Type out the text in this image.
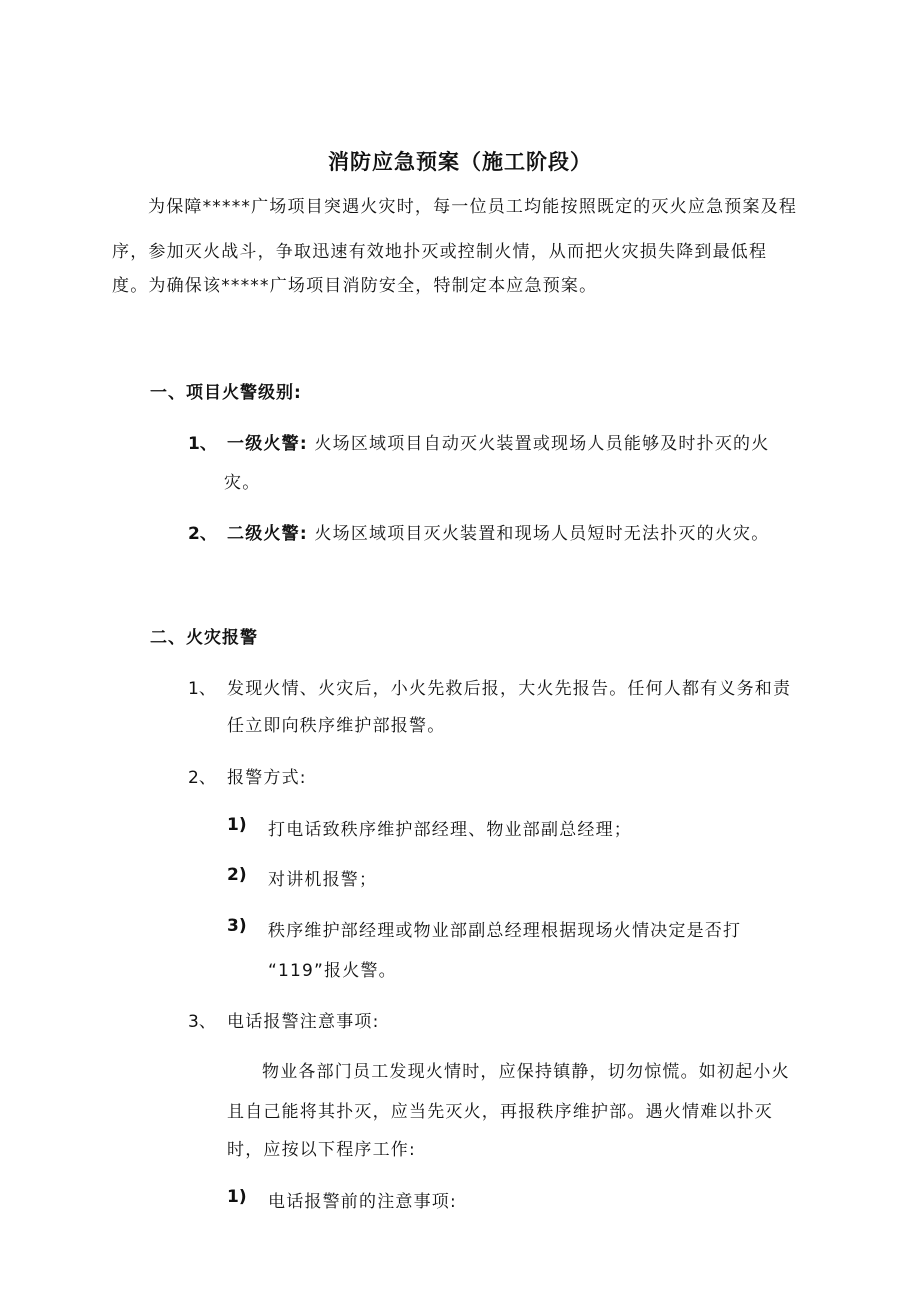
消防应急预案（施工阶段）
为保障*****广场项目突遇火灾时，每一位员工均能按照既定的灭火应急预案及程
序，参加灭火战斗，争取迅速有效地扑灭或控制火情，从而把火灾损失降到最低程
度。为确保该*****广场项目消防安全，特制定本应急预案。
一、项目火警级别:
1、 一级火警: 火场区域项目自动灭火装置或现场人员能够及时扑灭的火
灾。
2、 二级火警: 火场区域项目灭火装置和现场人员短时无法扑灭的火灾。
二、火灾报警
1、 发现火情、火灾后，小火先救后报，大火先报告。任何人都有义务和责
任立即向秩序维护部报警。
2、 报警方式:
1) 打电话致秩序维护部经理、物业部副总经理；
2) 对讲机报警；
3) 秩序维护部经理或物业部副总经理根据现场火情决定是否打
“119”报火警。
3、 电话报警注意事项:
物业各部门员工发现火情时，应保持镇静，切勿惊慌。如初起小火
且自己能将其扑灭，应当先灭火，再报秩序维护部。遇火情难以扑灭
时，应按以下程序工作:
1) 电话报警前的注意事项:
